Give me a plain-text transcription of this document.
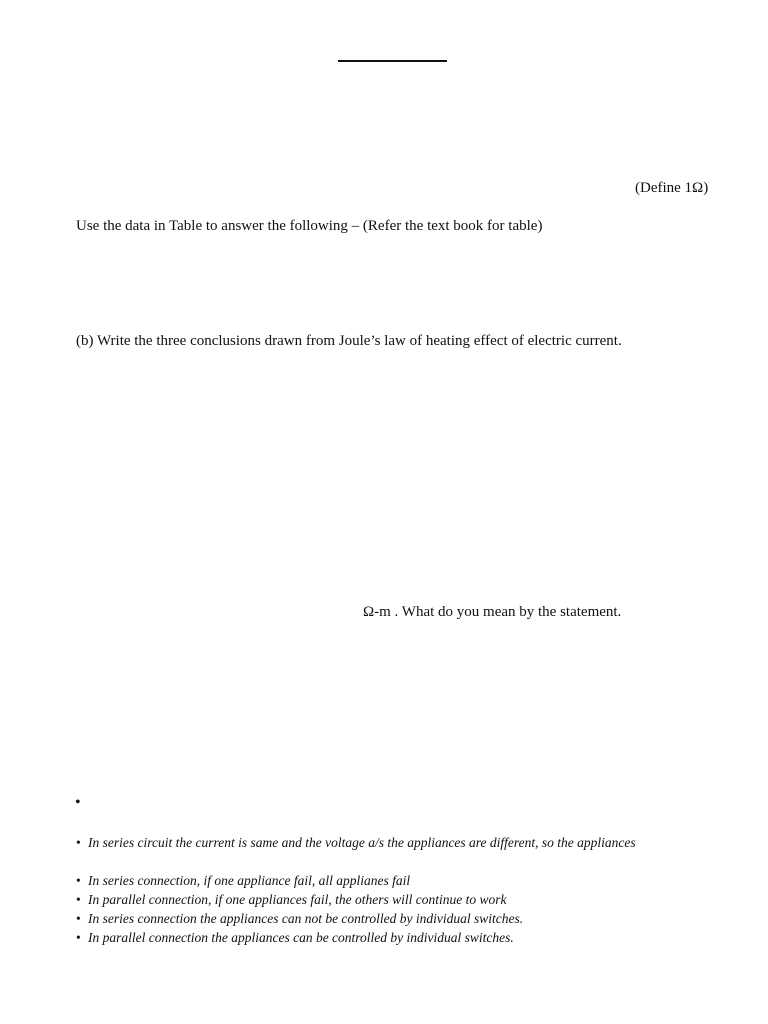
(Define 1Ω)
Use the data in Table to answer the following – (Refer the text book for table)
(b) Write the three conclusions drawn from Joule’s law of heating effect of electric current.
Ω-m . What do you mean by the statement.
•
• In series circuit the current is same and the voltage a/s the appliances are different, so the appliances
• In series connection, if one appliance fail, all applianes fail
• In parallel connection, if one appliances fail, the others will continue to work
• In series connection the appliances can not be controlled by individual switches.
• In parallel connection the appliances can be controlled by individual switches.
